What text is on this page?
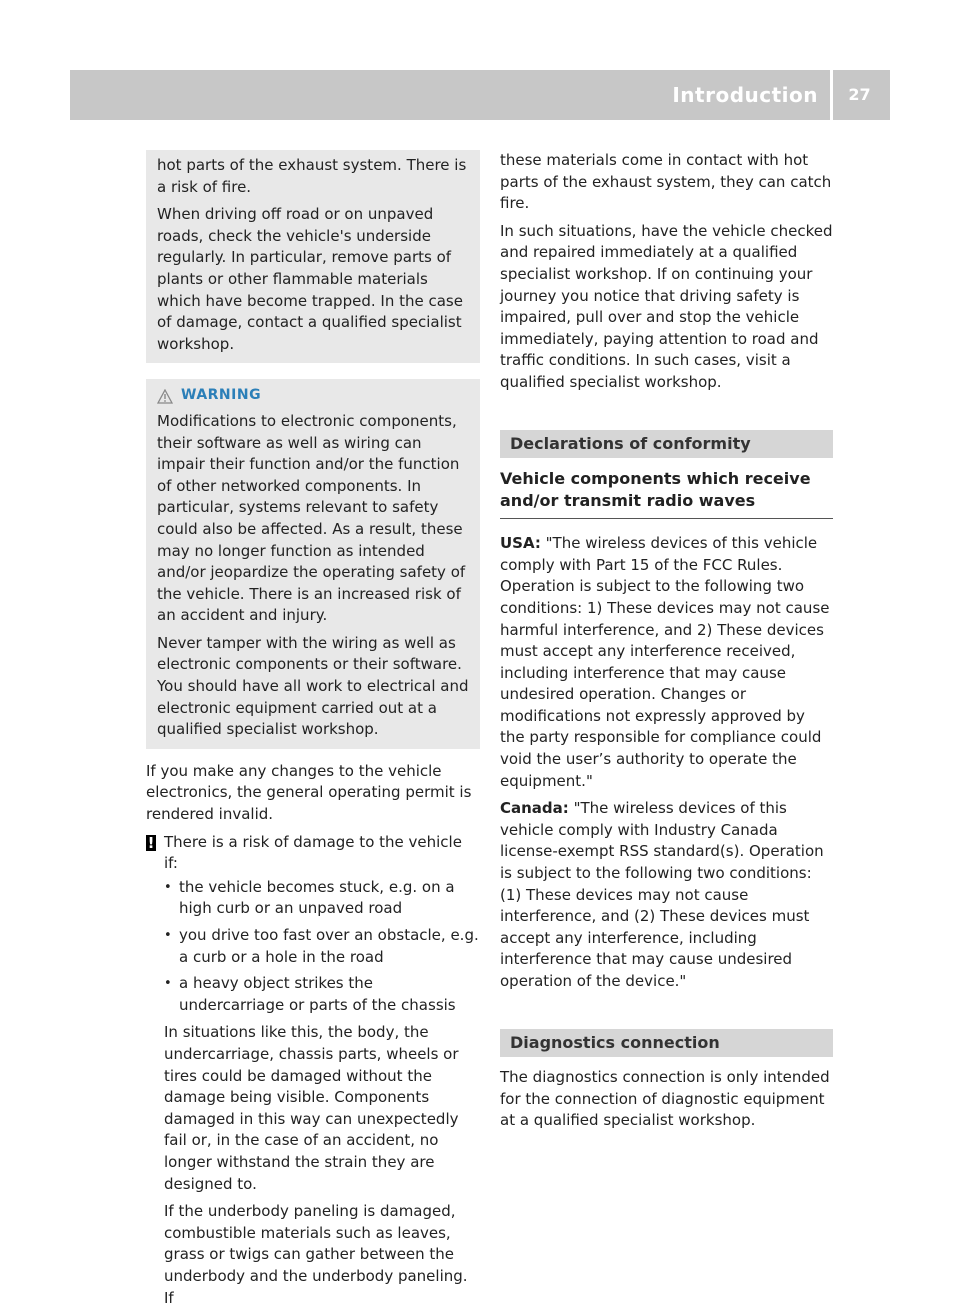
Introduction	27

hot parts of the exhaust system. There is a risk of fire.

When driving off road or on unpaved roads, check the vehicle's underside regularly. In particular, remove parts of plants or other flammable materials which have become trapped. In the case of damage, contact a qualified specialist workshop.

WARNING

Modifications to electronic components, their software as well as wiring can impair their function and/or the function of other networked components. In particular, systems relevant to safety could also be affected. As a result, these may no longer function as intended and/or jeopardize the operating safety of the vehicle. There is an increased risk of an accident and injury.

Never tamper with the wiring as well as electronic components or their software. You should have all work to electrical and electronic equipment carried out at a qualified specialist workshop.

If you make any changes to the vehicle electronics, the general operating permit is rendered invalid.

! There is a risk of damage to the vehicle if:
• the vehicle becomes stuck, e.g. on a high curb or an unpaved road
• you drive too fast over an obstacle, e.g. a curb or a hole in the road
• a heavy object strikes the undercarriage or parts of the chassis

In situations like this, the body, the undercarriage, chassis parts, wheels or tires could be damaged without the damage being visible. Components damaged in this way can unexpectedly fail or, in the case of an accident, no longer withstand the strain they are designed to.

If the underbody paneling is damaged, combustible materials such as leaves, grass or twigs can gather between the underbody and the underbody paneling. If

these materials come in contact with hot parts of the exhaust system, they can catch fire.

In such situations, have the vehicle checked and repaired immediately at a qualified specialist workshop. If on continuing your journey you notice that driving safety is impaired, pull over and stop the vehicle immediately, paying attention to road and traffic conditions. In such cases, visit a qualified specialist workshop.

Declarations of conformity
Vehicle components which receive and/or transmit radio waves

USA: "The wireless devices of this vehicle comply with Part 15 of the FCC Rules. Operation is subject to the following two conditions: 1) These devices may not cause harmful interference, and 2) These devices must accept any interference received, including interference that may cause undesired operation. Changes or modifications not expressly approved by the party responsible for compliance could void the user’s authority to operate the equipment."

Canada: "The wireless devices of this vehicle comply with Industry Canada license-exempt RSS standard(s). Operation is subject to the following two conditions: (1) These devices may not cause interference, and (2) These devices must accept any interference, including interference that may cause undesired operation of the device."

Diagnostics connection

The diagnostics connection is only intended for the connection of diagnostic equipment at a qualified specialist workshop.
